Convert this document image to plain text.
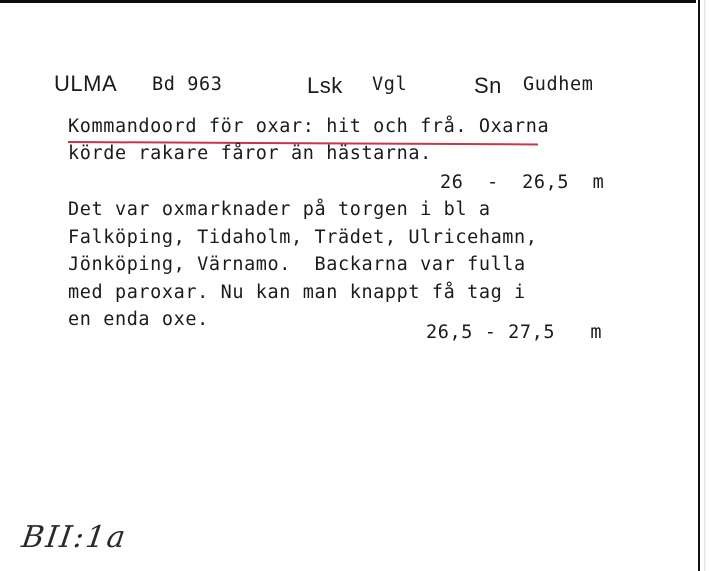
ULMA Bd 963	Lsk Vgl	Sn Gudhem
Kommandoord för oxar: hit och frå. Oxarna
körde rakare fåror än hästarna.
26  -  26,5  m
Det var oxmarknader på torgen i bl a
Falköping, Tidaholm, Trädet, Ulricehamn,
Jönköping, Värnamo.  Backarna var fulla
med paroxar. Nu kan man knappt få tag i
en enda oxe.
26,5 - 27,5   m
BII:1a
